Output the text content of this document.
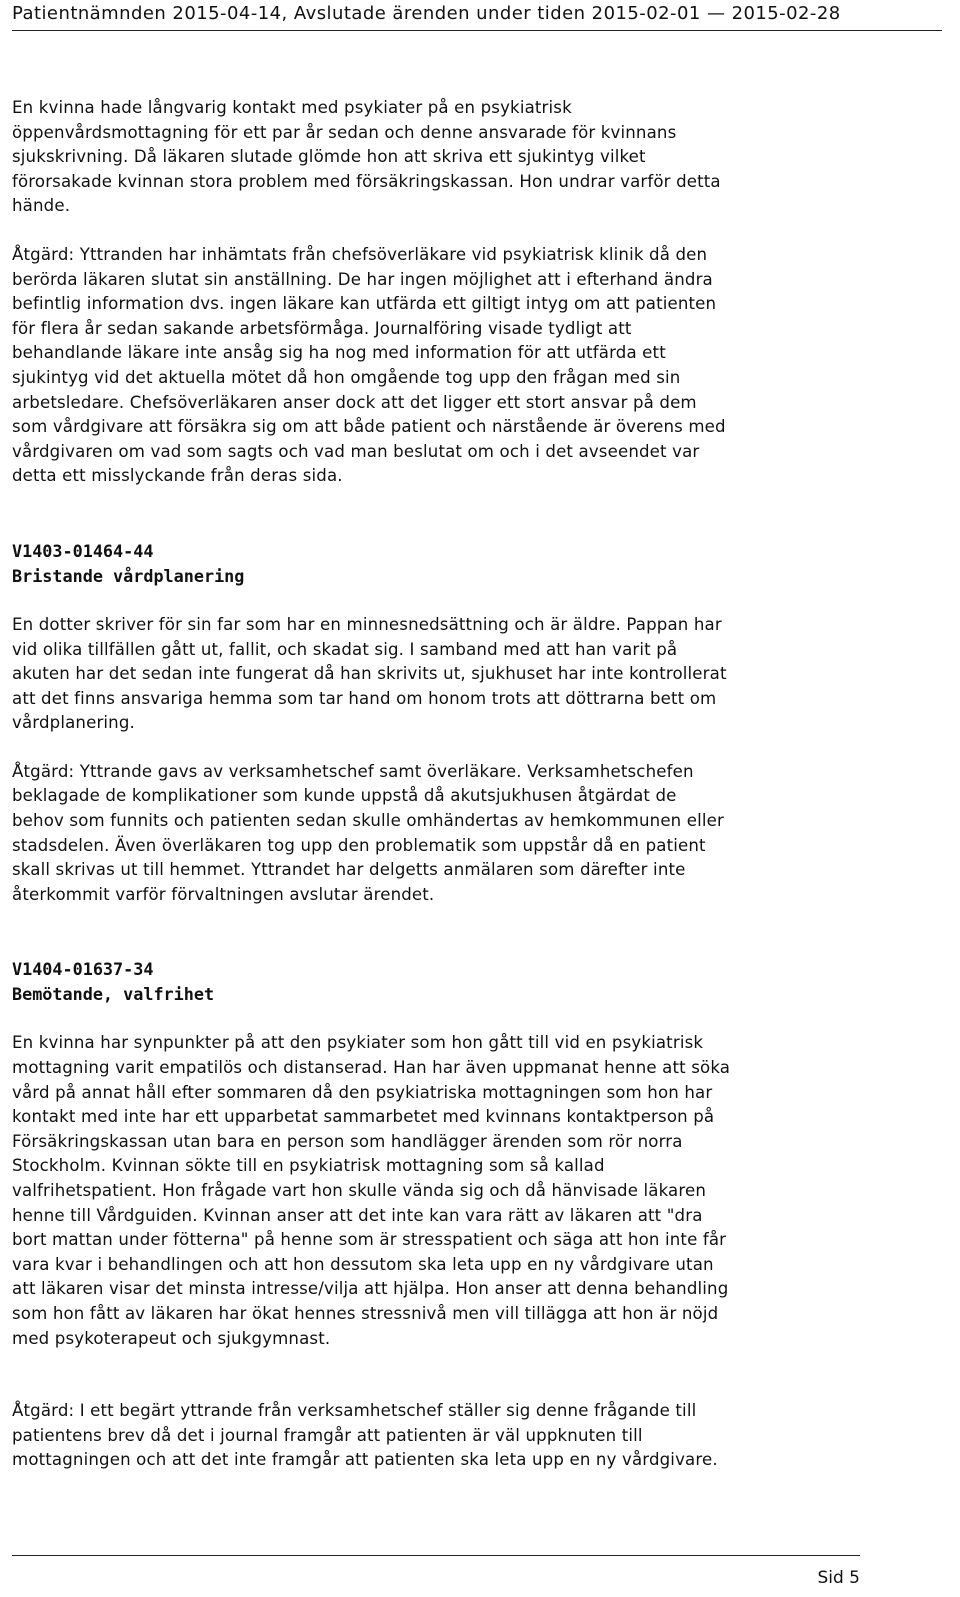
Patientnämnden 2015-04-14, Avslutade ärenden under tiden 2015-02-01 — 2015-02-28
En kvinna hade långvarig kontakt med psykiater på en psykiatrisk
öppenvårdsmottagning för ett par år sedan och denne ansvarade för kvinnans
sjukskrivning. Då läkaren slutade glömde hon att skriva ett sjukintyg vilket
förorsakade kvinnan stora problem med försäkringskassan. Hon undrar varför detta
hände.
Åtgärd: Yttranden har inhämtats från chefsöverläkare vid psykiatrisk klinik då den
berörda läkaren slutat sin anställning. De har ingen möjlighet att i efterhand ändra
befintlig information dvs. ingen läkare kan utfärda ett giltigt intyg om att patienten
för flera år sedan sakande arbetsförmåga. Journalföring visade tydligt att
behandlande läkare inte ansåg sig ha nog med information för att utfärda ett
sjukintyg vid det aktuella mötet då hon omgående tog upp den frågan med sin
arbetsledare. Chefsöverläkaren anser dock att det ligger ett stort ansvar på dem
som vårdgivare att försäkra sig om att både patient och närstående är överens med
vårdgivaren om vad som sagts och vad man beslutat om och i det avseendet var
detta ett misslyckande från deras sida.
V1403-01464-44
Bristande vårdplanering
En dotter skriver för sin far som har en minnesnedsättning och är äldre. Pappan har
vid olika tillfällen gått ut, fallit, och skadat sig. I samband med att han varit på
akuten har det sedan inte fungerat då han skrivits ut, sjukhuset har inte kontrollerat
att det finns ansvariga hemma som tar hand om honom trots att döttrarna bett om
vårdplanering.
Åtgärd: Yttrande gavs av verksamhetschef samt överläkare. Verksamhetschefen
beklagade de komplikationer som kunde uppstå då akutsjukhusen åtgärdat de
behov som funnits och patienten sedan skulle omhändertas av hemkommunen eller
stadsdelen. Även överläkaren tog upp den problematik som uppstår då en patient
skall skrivas ut till hemmet. Yttrandet har delgetts anmälaren som därefter inte
återkommit varför förvaltningen avslutar ärendet.
V1404-01637-34
Bemötande, valfrihet
En kvinna har synpunkter på att den psykiater som hon gått till vid en psykiatrisk
mottagning varit empatilös och distanserad. Han har även uppmanat henne att söka
vård på annat håll efter sommaren då den psykiatriska mottagningen som hon har
kontakt med inte har ett upparbetat sammarbetet med kvinnans kontaktperson på
Försäkringskassan utan bara en person som handlägger ärenden som rör norra
Stockholm. Kvinnan sökte till en psykiatrisk mottagning som så kallad
valfrihetspatient. Hon frågade vart hon skulle vända sig och då hänvisade läkaren
henne till Vårdguiden. Kvinnan anser att det inte kan vara rätt av läkaren att "dra
bort mattan under fötterna" på henne som är stresspatient och säga att hon inte får
vara kvar i behandlingen och att hon dessutom ska leta upp en ny vårdgivare utan
att läkaren visar det minsta intresse/vilja att hjälpa. Hon anser att denna behandling
som hon fått av läkaren har ökat hennes stressnivå men vill tillägga att hon är nöjd
med psykoterapeut och sjukgymnast.
Åtgärd: I ett begärt yttrande från verksamhetschef ställer sig denne frågande till
patientens brev då det i journal framgår att patienten är väl uppknuten till
mottagningen och att det inte framgår att patienten ska leta upp en ny vårdgivare.
Sid 5
